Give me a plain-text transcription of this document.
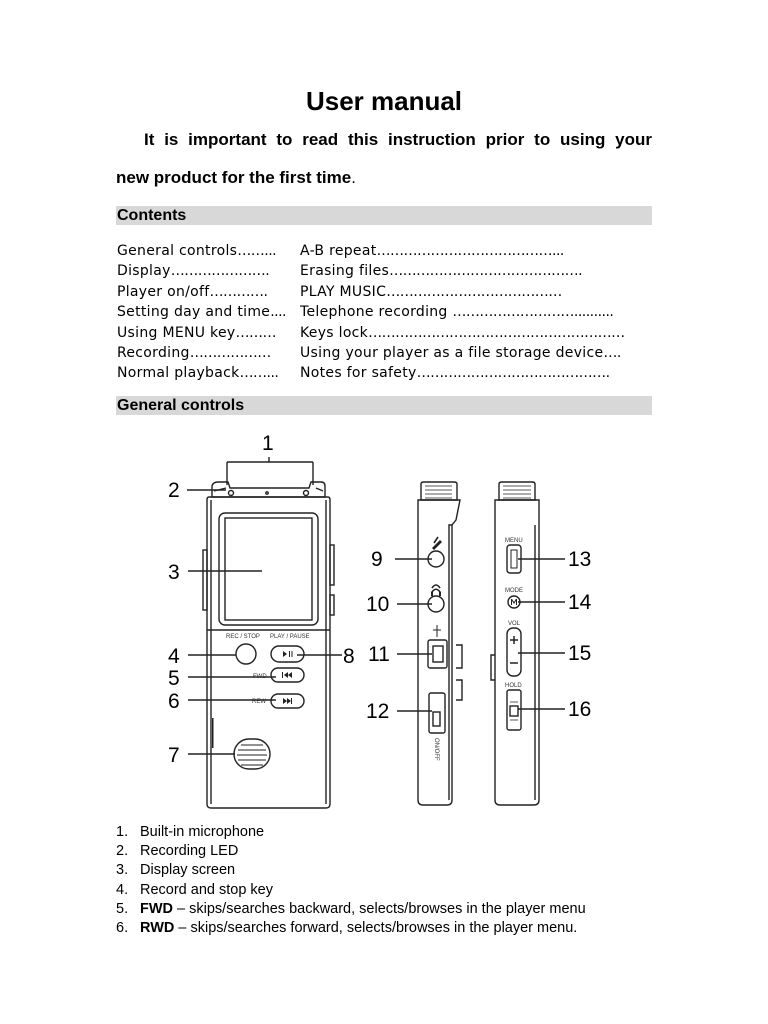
User manual
It is important to read this instruction prior to using your
new product for the first time.
Contents
General controls……...	A-B repeat…………………………………...
Display………………….	Erasing files…………………………………….
Player on/off………….	PLAY MUSIC…………………………………
Setting day and time.... Telephone recording ………………………..........
Using MENU key………	Keys lock…………………………………………………
Recording………………	Using your player as a file storage device….
Normal playback……...	Notes for safety…………………………………….
General controls
REC / STOP PLAY / PAUSE
FWD
REW
MENU
MODE
VOL
HOLD
ON/OFF
1
2
3
4
5
6
7
8
9
10
11
12
13
14
15
16
1. Built-in microphone
2. Recording LED
3. Display screen
4. Record and stop key
5. FWD – skips/searches backward, selects/browses in the player menu
6. RWD – skips/searches forward, selects/browses in the player menu.
